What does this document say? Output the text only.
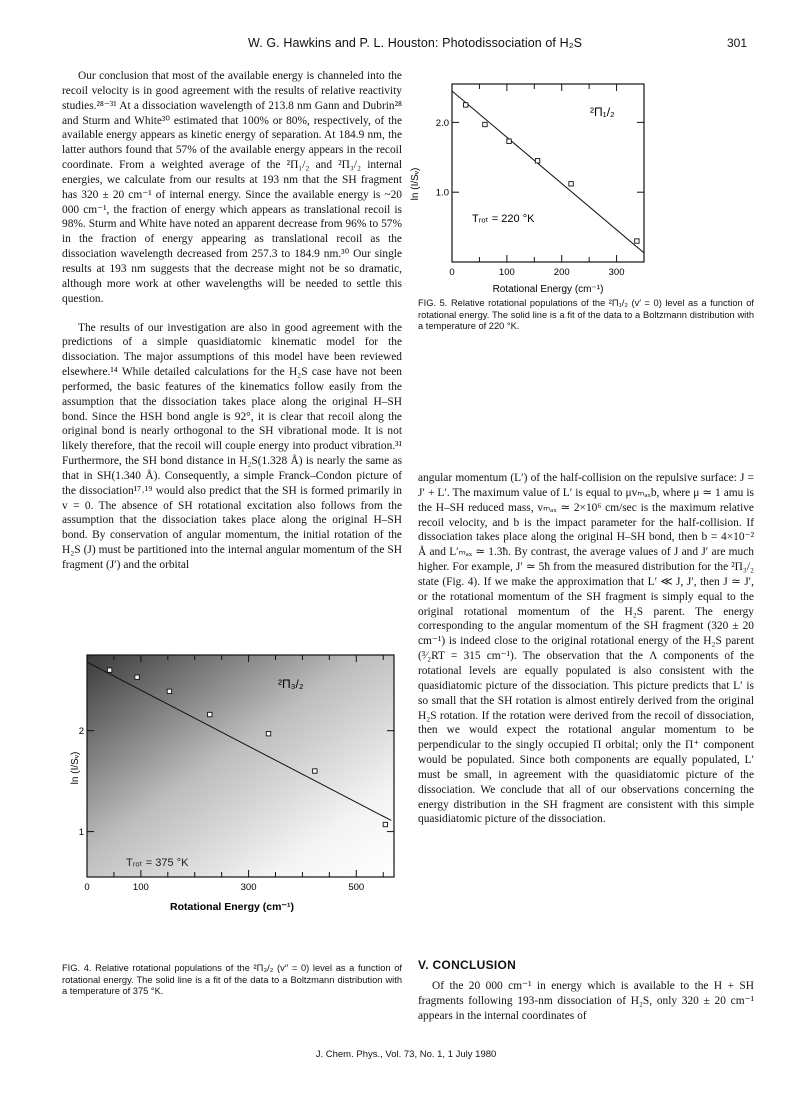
W. G. Hawkins and P. L. Houston: Photodissociation of H₂S	301

Our conclusion that most of the available energy is channeled into the recoil velocity is in good agreement with the results of relative reactivity studies.²⁸⁻³¹ At a dissociation wavelength of 213.8 nm Gann and Dubrin²⁸ and Sturm and White³⁰ estimated that 100% or 80%, respectively, of the available energy appears as kinetic energy of separation. At 184.9 nm, the latter authors found that 57% of the available energy appears in the recoil coordinate. From a weighted average of the ²Π₁/₂ and ²Π₃/₂ internal energies, we calculate from our results at 193 nm that the SH fragment has 320 ± 20 cm⁻¹ of internal energy. Since the available energy is ~20 000 cm⁻¹, the fraction of energy which appears as translational recoil is 98%. Sturm and White have noted an apparent decrease from 96% to 57% in the fraction of energy appearing as translational recoil as the dissociation wavelength decreased from 257.3 to 184.9 nm.³⁰ Our single results at 193 nm suggests that the decrease might not be so dramatic, although more work at other wavelengths will be needed to settle this question.

The results of our investigation are also in good agreement with the predictions of a simple quasidiatomic kinematic model for the dissociation. The major assumptions of this model have been reviewed elsewhere.¹⁴ While detailed calculations for the H₂S case have not been performed, the basic features of the kinematics follow easily from the assumption that the dissociation takes place along the original H–SH bond. Since the HSH bond angle is 92°, it is clear that recoil along the original bond is nearly orthogonal to the SH vibrational mode. It is not likely therefore, that the recoil will couple energy into product vibration.³¹ Furthermore, the SH bond distance in H₂S(1.328 Å) is nearly the same as that in SH(1.340 Å). Consequently, a simple Franck–Condon picture of the dissociation¹⁷˒¹⁹ would also predict that the SH is formed primarily in v = 0. The absence of SH rotational excitation also follows from the assumption that the dissociation takes place along the original H–SH bond. By conservation of angular momentum, the initial rotation of the H₂S (J) must be partitioned into the internal angular momentum of the SH fragment (J′) and the orbital

0	100	200	300
1.0
2.0
ln (I/Sᵥ)
Rotational Energy (cm⁻¹)
²Π₁/₂
Tᵣₒₜ = 220 °K
FIG. 5. Relative rotational populations of the ²Π₁/₂ (v′ = 0) level as a function of rotational energy. The solid line is a fit of the data to a Boltzmann distribution with a temperature of 220 °K.

angular momentum (L′) of the half-collision on the repulsive surface: J = J′ + L′. The maximum value of L′ is equal to μvₘₐₓb, where μ ≃ 1 amu is the H–SH reduced mass, vₘₐₓ ≃ 2×10⁶ cm/sec is the maximum relative recoil velocity, and b is the impact parameter for the half-collision. If dissociation takes place along the original H–SH bond, then b = 4×10⁻² Å and L′ₘₐₓ ≃ 1.3ħ. By contrast, the average values of J and J′ are much higher. For example, J′ ≃ 5ħ from the measured distribution for the ²Π₃/₂ state (Fig. 4). If we make the approximation that L′ ≪ J, J′, then J ≃ J′, or the rotational momentum of the SH fragment is simply equal to the original rotational momentum of the H₂S parent. The energy corresponding to the angular momentum of the SH fragment (320 ± 20 cm⁻¹) is indeed close to the original rotational energy of the H₂S parent (³⁄₂RT = 315 cm⁻¹). The observation that the Λ components of the rotational levels are equally populated is also consistent with the quasidiatomic picture of the dissociation. This picture predicts that L′ is so small that the SH rotation is almost entirely derived from the original H₂S rotation. If the rotation were derived from the recoil of dissociation, then we would expect the rotational angular momentum to be perpendicular to the singly occupied Π orbital; only the Π⁺ component would be populated. Since both components are equally populated, L′ must be small, in agreement with the quasidiatomic picture of the dissociation. We conclude that all of our observations concerning the energy distribution in the SH fragment are consistent with this simple quasidiatomic picture of the dissociation.

0	100	300	500
1
2
ln (I/Sᵥ)
Rotational Energy (cm⁻¹)
²Π₃/₂
Tᵣₒₜ = 375 °K
FIG. 4. Relative rotational populations of the ²Π₃/₂ (v′′ = 0) level as a function of rotational energy. The solid line is a fit of the data to a Boltzmann distribution with a temperature of 375 °K.
V. CONCLUSION

Of the 20 000 cm⁻¹ in energy which is available to the H + SH fragments following 193-nm dissociation of H₂S, only 320 ± 20 cm⁻¹ appears in the internal coordinates of

J. Chem. Phys., Vol. 73, No. 1, 1 July 1980
